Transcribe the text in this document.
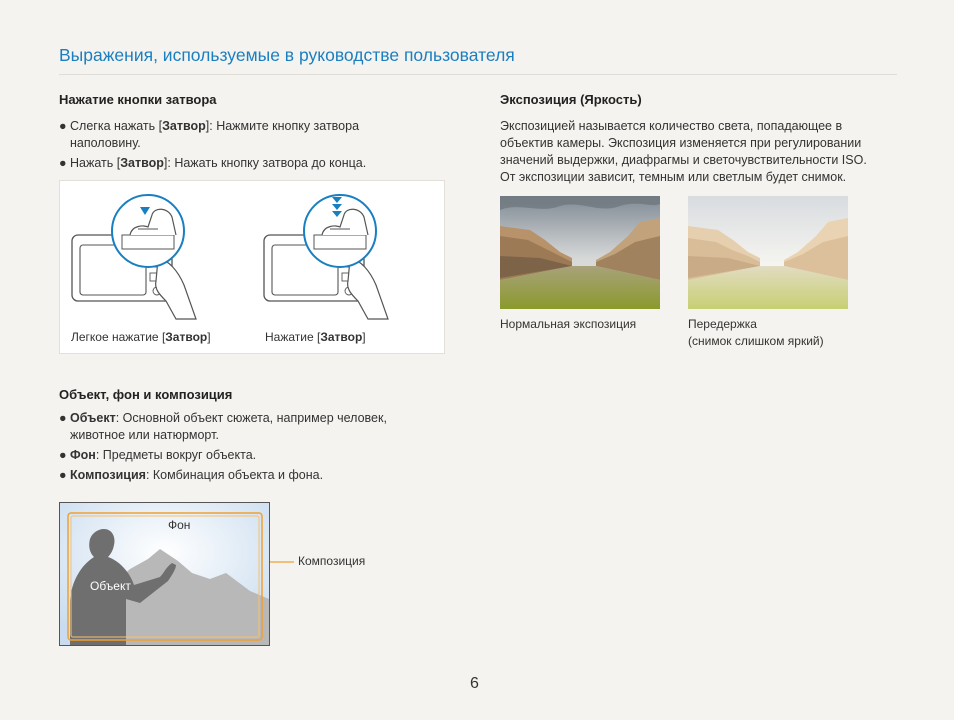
Выражения, используемые в руководстве пользователя
Нажатие кнопки затвора
● Слегка нажать [Затвор]: Нажмите кнопку затвора наполовину.
● Нажать [Затвор]: Нажать кнопку затвора до конца.
Легкое нажатие [Затвор]	Нажатие [Затвор]
Объект, фон и композиция
● Объект: Основной объект сюжета, например человек, животное или натюрморт.
● Фон: Предметы вокруг объекта.
● Композиция: Комбинация объекта и фона.
Фон
Объект
Композиция
Экспозиция (Яркость)
Экспозицией называется количество света, попадающее в
объектив камеры. Экспозиция изменяется при регулировании
значений выдержки, диафрагмы и светочувствительности ISO.
От экспозиции зависит, темным или светлым будет снимок.
Нормальная экспозиция	Передержка
(снимок слишком яркий)
6
